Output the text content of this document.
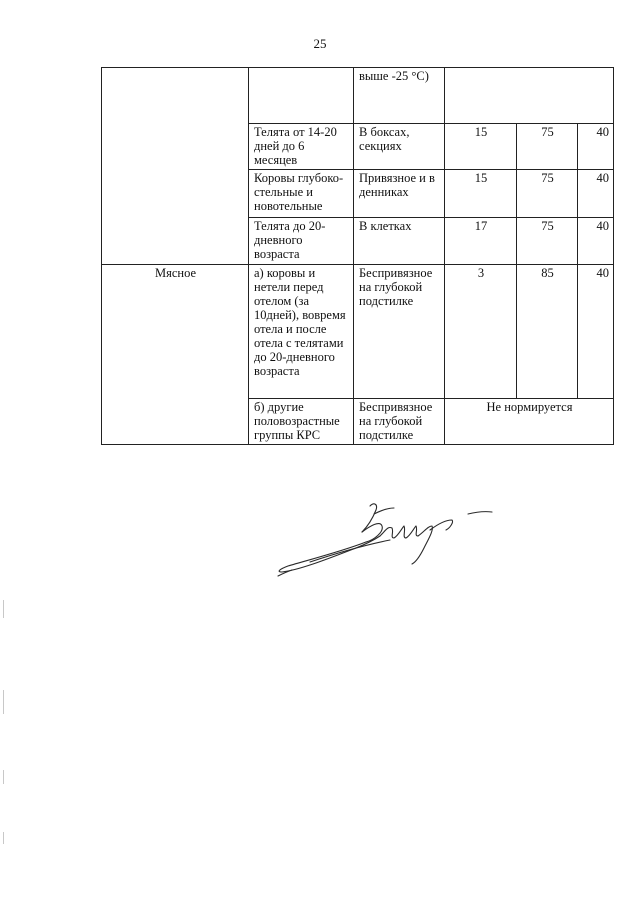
25
		выше -25 °С)			
	Телята от 14-20 дней до 6 месяцев	В боксах, секциях	15	75	40
	Коровы глубоко-стельные и новотельные	Привязное и в денниках	15	75	40
	Телята до 20-дневного возраста	В клетках	17	75	40
Мясное	а) коровы и нетели перед отелом (за 10дней), вовремя отела и после отела с телятами до 20-дневного возраста	Беспривязное на глубокой подстилке	3	85	40
	б) другие половозрастные группы КРС	Беспривязное на глубокой подстилке	Не нормируется		
